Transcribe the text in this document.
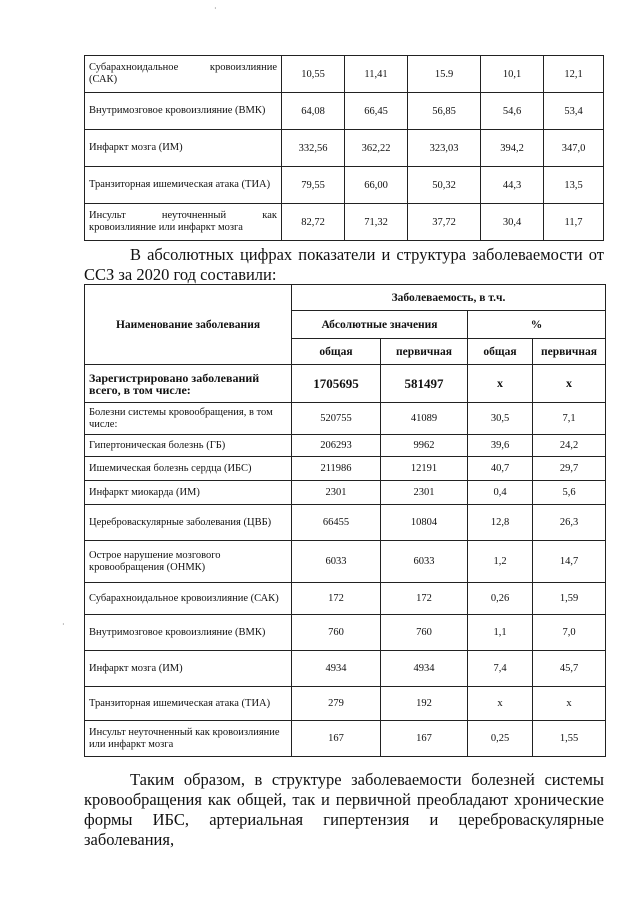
Субарахноидальное кровоизлияние (САК)	10,55	11,41	15.9	10,1	12,1
Внутримозговое кровоизлияние (ВМК)	64,08	66,45	56,85	54,6	53,4
Инфаркт мозга (ИМ)	332,56	362,22	323,03	394,2	347,0
Транзиторная ишемическая атака (ТИА)	79,55	66,00	50,32	44,3	13,5
Инсульт неуточненный как кровоизлияние или инфаркт мозга	82,72	71,32	37,72	30,4	11,7

В абсолютных цифрах показатели и структура заболеваемости от ССЗ за 2020 год составили:

Наименование заболевания	Заболеваемость, в т.ч.			
	Абсолютные значения		%	
	общая	первичная	общая	первичная
Зарегистрировано заболеваний всего, в том числе:	1705695	581497	x	x
Болезни системы кровообращения, в том числе:	520755	41089	30,5	7,1
Гипертоническая болезнь (ГБ)	206293	9962	39,6	24,2
Ишемическая болезнь сердца (ИБС)	211986	12191	40,7	29,7
Инфаркт миокарда (ИМ)	2301	2301	0,4	5,6
Цереброваскулярные заболевания (ЦВБ)	66455	10804	12,8	26,3
Острое нарушение мозгового кровообращения (ОНМК)	6033	6033	1,2	14,7
Субарахноидальное кровоизлияние (САК)	172	172	0,26	1,59
Внутримозговое кровоизлияние (ВМК)	760	760	1,1	7,0
Инфаркт мозга (ИМ)	4934	4934	7,4	45,7
Транзиторная ишемическая атака (ТИА)	279	192	х	х
Инсульт неуточненный как кровоизлияние или инфаркт мозга	167	167	0,25	1,55

Таким образом, в структуре заболеваемости болезней системы кровообращения как общей, так и первичной преобладают хронические формы ИБС, артериальная гипертензия и цереброваскулярные заболевания,

·
·
